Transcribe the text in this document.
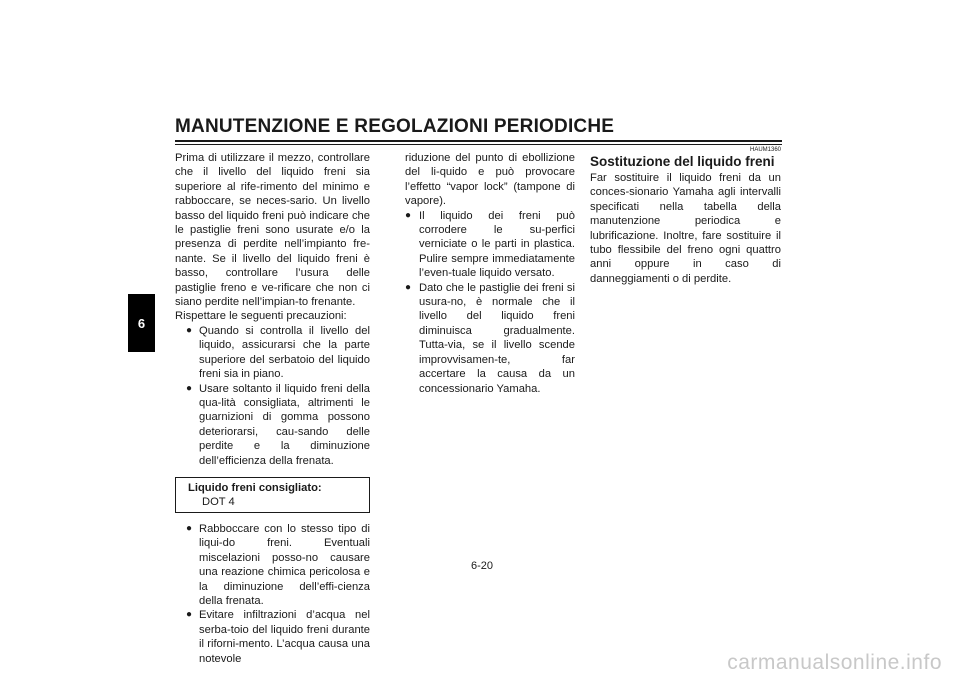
MANUTENZIONE E REGOLAZIONI PERIODICHE
6

Prima di utilizzare il mezzo, controllare che il livello del liquido freni sia superiore al rife-rimento del minimo e rabboccare, se neces-sario. Un livello basso del liquido freni può indicare che le pastiglie freni sono usurate e/o la presenza di perdite nell’impianto fre-nante. Se il livello del liquido freni è basso, controllare l’usura delle pastiglie freno e ve-rificare che non ci siano perdite nell’impian-to frenante.

Rispettare le seguenti precauzioni:

● Quando si controlla il livello del liquido, assicurarsi che la parte superiore del serbatoio del liquido freni sia in piano.
● Usare soltanto il liquido freni della qua-lità consigliata, altrimenti le guarnizioni di gomma possono deteriorarsi, cau-sando delle perdite e la diminuzione dell’efficienza della frenata.
Liquido freni consigliato:
DOT 4
● Rabboccare con lo stesso tipo di liqui-do freni. Eventuali miscelazioni posso-no causare una reazione chimica pericolosa e la diminuzione dell’effi-cienza della frenata.
● Evitare infiltrazioni d’acqua nel serba-toio del liquido freni durante il riforni-mento. L’acqua causa una notevole

riduzione del punto di ebollizione del li-quido e può provocare l’effetto “vapor lock” (tampone di vapore).

● Il liquido dei freni può corrodere le su-perfici verniciate o le parti in plastica. Pulire sempre immediatamente l’even-tuale liquido versato.
● Dato che le pastiglie dei freni si usura-no, è normale che il livello del liquido freni diminuisca gradualmente. Tutta-via, se il livello scende improvvisamen-te, far accertare la causa da un concessionario Yamaha.
HAUM1360
Sostituzione del liquido freni

Far sostituire il liquido freni da un conces-sionario Yamaha agli intervalli specificati nella tabella della manutenzione periodica e lubrificazione. Inoltre, fare sostituire il tubo flessibile del freno ogni quattro anni oppure in caso di danneggiamenti o di perdite.

6-20
carmanualsonline.info
